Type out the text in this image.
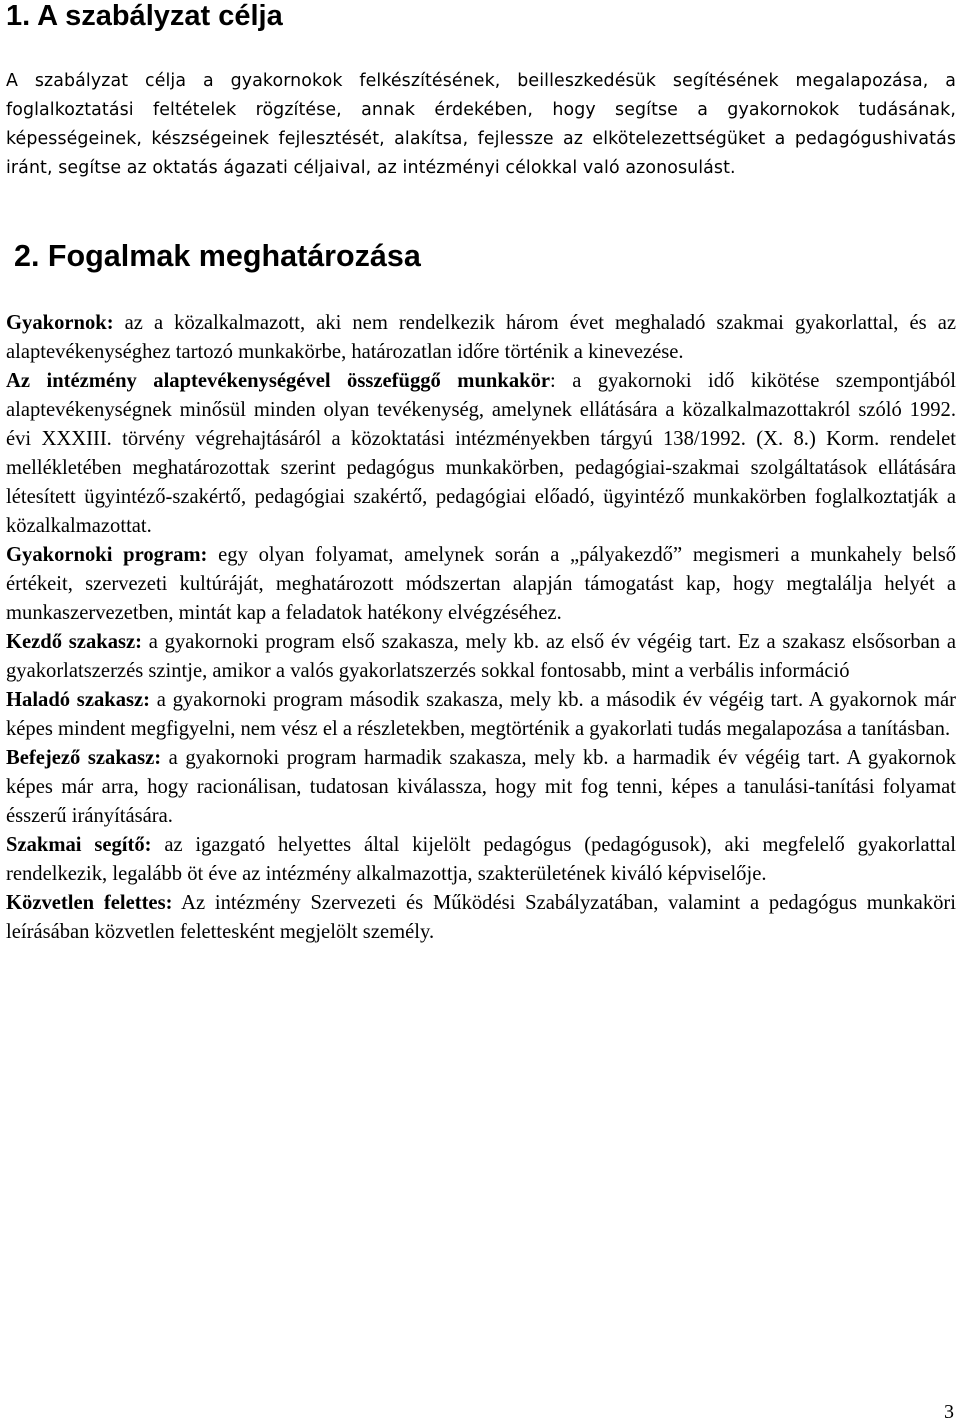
1. A szabályzat célja

A szabályzat célja a gyakornokok felkészítésének, beilleszkedésük segítésének megalapozása, a foglalkoztatási feltételek rögzítése, annak érdekében, hogy segítse a gyakornokok tudásának, képességeinek, készségeinek fejlesztését, alakítsa, fejlessze az elkötelezettségüket a pedagógushivatás iránt, segítse az oktatás ágazati céljaival, az intézményi célokkal való azonosulást.

2. Fogalmak meghatározása

Gyakornok: az a közalkalmazott, aki nem rendelkezik három évet meghaladó szakmai gyakorlattal, és az alaptevékenységhez tartozó munkakörbe, határozatlan időre történik a kinevezése.

Az intézmény alaptevékenységével összefüggő munkakör: a gyakornoki idő kikötése szempontjából alaptevékenységnek minősül minden olyan tevékenység, amelynek ellátására a közalkalmazottakról szóló 1992. évi XXXIII. törvény végrehajtásáról a közoktatási intézményekben tárgyú 138/1992. (X. 8.) Korm. rendelet mellékletében meghatározottak szerint pedagógus munkakörben, pedagógiai-szakmai szolgáltatások ellátására létesített ügyintéző-szakértő, pedagógiai szakértő, pedagógiai előadó, ügyintéző munkakörben foglalkoztatják a közalkalmazottat.

Gyakornoki program: egy olyan folyamat, amelynek során a „pályakezdő” megismeri a munkahely belső értékeit, szervezeti kultúráját, meghatározott módszertan alapján támogatást kap, hogy megtalálja helyét a munkaszervezetben, mintát kap a feladatok hatékony elvégzéséhez.

Kezdő szakasz: a gyakornoki program első szakasza, mely kb. az első év végéig tart. Ez a szakasz elsősorban a gyakorlatszerzés szintje, amikor a valós gyakorlatszerzés sokkal fontosabb, mint a verbális információ

Haladó szakasz: a gyakornoki program második szakasza, mely kb. a második év végéig tart. A gyakornok már képes mindent megfigyelni, nem vész el a részletekben, megtörténik a gyakorlati tudás megalapozása a tanításban.

Befejező szakasz: a gyakornoki program harmadik szakasza, mely kb. a harmadik év végéig tart. A gyakornok képes már arra, hogy racionálisan, tudatosan kiválassza, hogy mit fog tenni, képes a tanulási-tanítási folyamat ésszerű irányítására.

Szakmai segítő: az igazgató helyettes által kijelölt pedagógus (pedagógusok), aki megfelelő gyakorlattal rendelkezik, legalább öt éve az intézmény alkalmazottja, szakterületének kiváló képviselője.

Közvetlen felettes: Az intézmény Szervezeti és Működési Szabályzatában, valamint a pedagógus munkaköri leírásában közvetlen felettesként megjelölt személy.

3
